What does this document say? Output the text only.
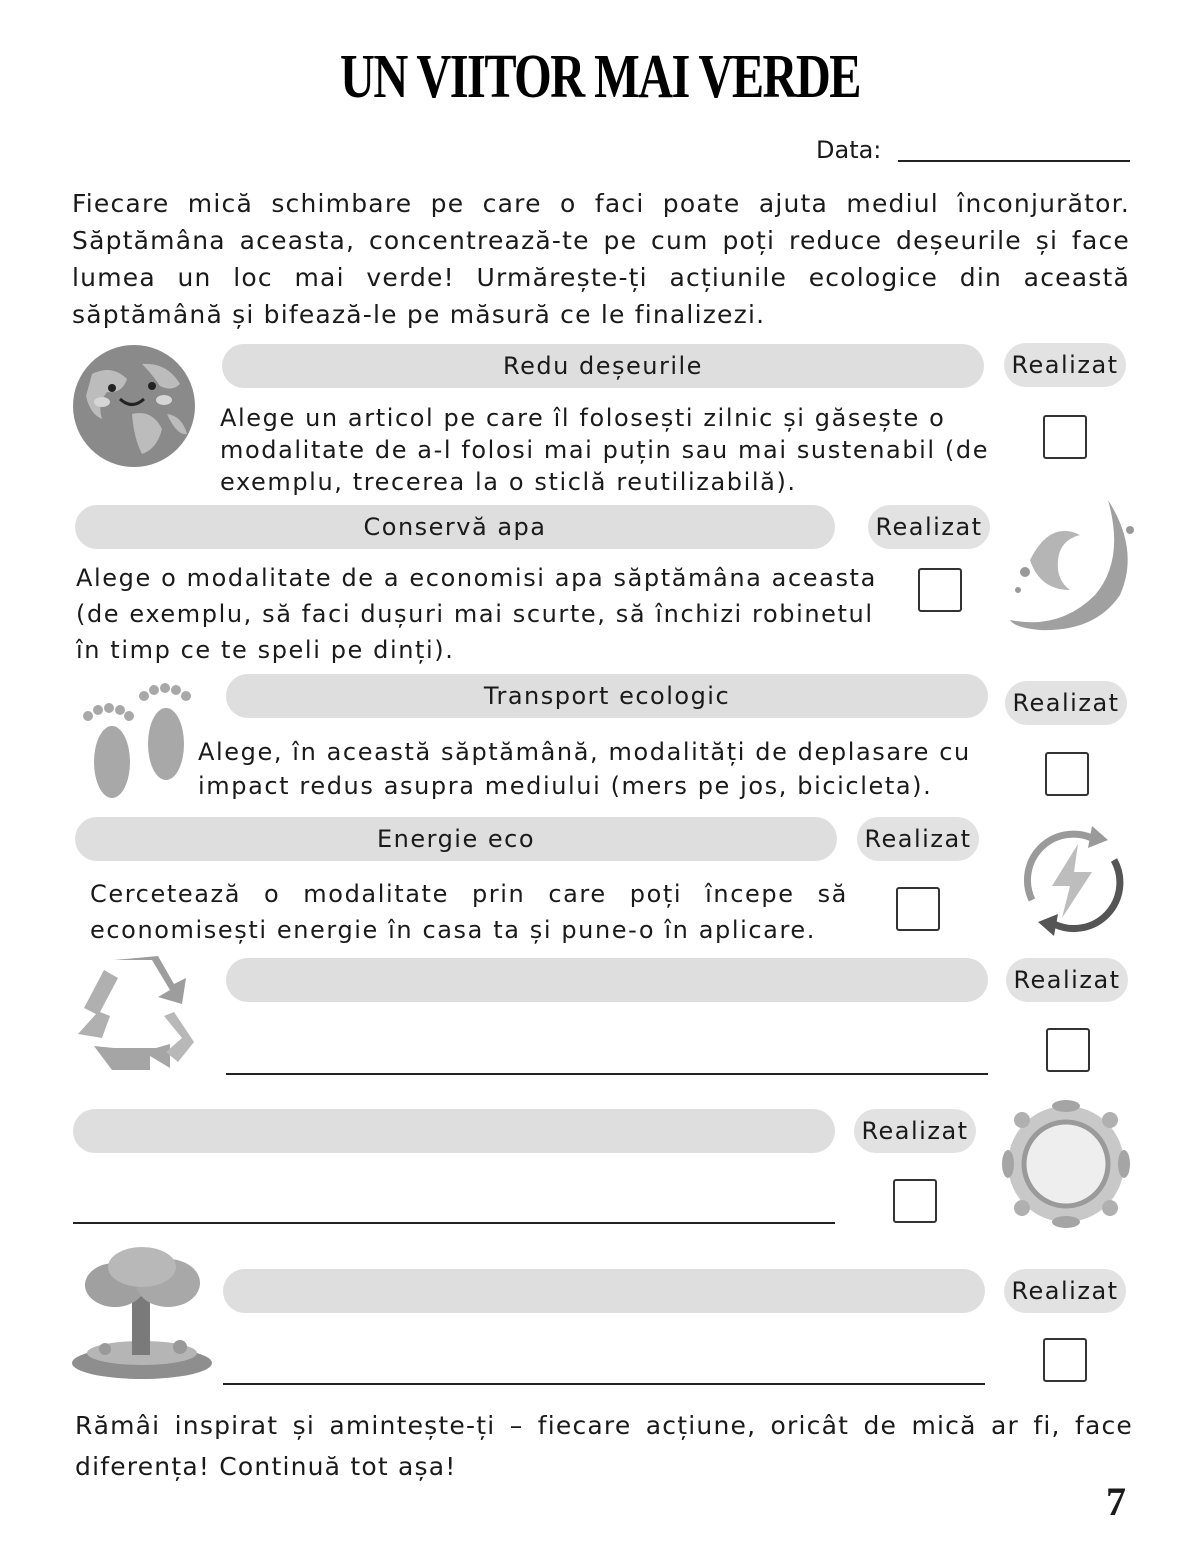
UN VIITOR MAI VERDE
Data:
Fiecare mică schimbare pe care o faci poate ajuta mediul înconjurător. Săptămâna aceasta, concentrează-te pe cum poți reduce deșeurile și face lumea un loc mai verde! Urmărește-ți acțiunile ecologice din această săptămână și bifează-le pe măsură ce le finalizezi.
Redu deșeurile	Realizat
Alege un articol pe care îl folosești zilnic și găsește o modalitate de a-l folosi mai puțin sau mai sustenabil (de exemplu, trecerea la o sticlă reutilizabilă).
Conservă apa	Realizat
Alege o modalitate de a economisi apa săptămâna aceasta (de exemplu, să faci dușuri mai scurte, să închizi robinetul în timp ce te speli pe dinți).
Transport ecologic	Realizat
Alege, în această săptămână, modalități de deplasare cu impact redus asupra mediului (mers pe jos, bicicleta).
Energie eco	Realizat
Cercetează o modalitate prin care poți începe să economisești energie în casa ta și pune-o în aplicare.
Realizat
Realizat
Realizat
Rămâi inspirat și amintește-ți – fiecare acțiune, oricât de mică ar fi, face diferența! Continuă tot așa!
7
